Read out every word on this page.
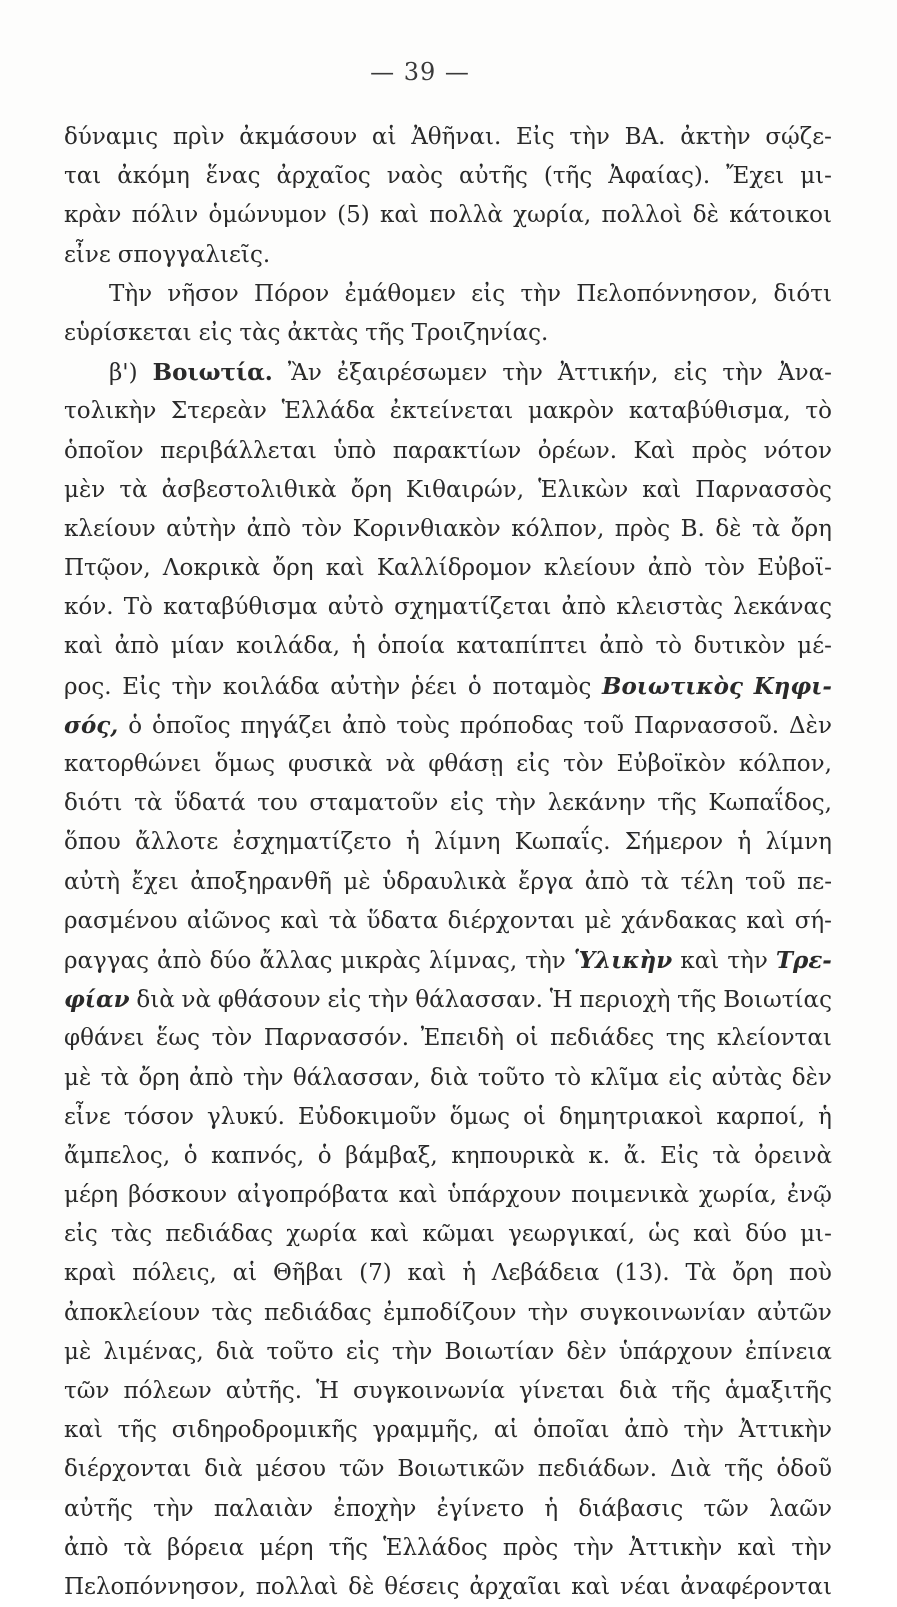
— 39 —
δύναμις πρὶν ἀκμάσουν αἱ Ἀθῆναι. Εἰς τὴν ΒΑ. ἀκτὴν σῴζε-
ται ἀκόμη ἕνας ἀρχαῖος ναὸς αὐτῆς (τῆς Ἀφαίας). Ἔχει μι-
κρὰν πόλιν ὁμώνυμον (5) καὶ πολλὰ χωρία, πολλοὶ δὲ κάτοικοι
εἶνε σπογγαλιεῖς.
Τὴν νῆσον Πόρον ἐμάθομεν εἰς τὴν Πελοπόννησον, διότι
εὑρίσκεται εἰς τὰς ἀκτὰς τῆς Τροιζηνίας.
β') Βοιωτία. Ἂν ἐξαιρέσωμεν τὴν Ἀττικήν, εἰς τὴν Ἀνα-
τολικὴν Στερεὰν Ἑλλάδα ἐκτείνεται μακρὸν καταβύθισμα, τὸ
ὁποῖον περιβάλλεται ὑπὸ παρακτίων ὀρέων. Καὶ πρὸς νότον
μὲν τὰ ἀσβεστολιθικὰ ὄρη Κιθαιρών, Ἑλικὼν καὶ Παρνασσὸς
κλείουν αὐτὴν ἀπὸ τὸν Κορινθιακὸν κόλπον, πρὸς Β. δὲ τὰ ὄρη
Πτῷον, Λοκρικὰ ὄρη καὶ Καλλίδρομον κλείουν ἀπὸ τὸν Εὐβοϊ-
κόν. Τὸ καταβύθισμα αὐτὸ σχηματίζεται ἀπὸ κλειστὰς λεκάνας
καὶ ἀπὸ μίαν κοιλάδα, ἡ ὁποία καταπίπτει ἀπὸ τὸ δυτικὸν μέ-
ρος. Εἰς τὴν κοιλάδα αὐτὴν ῥέει ὁ ποταμὸς Βοιωτικὸς Κηφι-
σός, ὁ ὁποῖος πηγάζει ἀπὸ τοὺς πρόποδας τοῦ Παρνασσοῦ. Δὲν
κατορθώνει ὅμως φυσικὰ νὰ φθάσῃ εἰς τὸν Εὐβοϊκὸν κόλπον,
διότι τὰ ὕδατά του σταματοῦν εἰς τὴν λεκάνην τῆς Κωπαΐδος,
ὅπου ἄλλοτε ἐσχηματίζετο ἡ λίμνη Κωπαΐς. Σήμερον ἡ λίμνη
αὐτὴ ἔχει ἀποξηρανθῆ μὲ ὑδραυλικὰ ἔργα ἀπὸ τὰ τέλη τοῦ πε-
ρασμένου αἰῶνος καὶ τὰ ὕδατα διέρχονται μὲ χάνδακας καὶ σή-
ραγγας ἀπὸ δύο ἄλλας μικρὰς λίμνας, τὴν Ὑλικὴν καὶ τὴν Τρε-
φίαν διὰ νὰ φθάσουν εἰς τὴν θάλασσαν. Ἡ περιοχὴ τῆς Βοιωτίας
φθάνει ἕως τὸν Παρνασσόν. Ἐπειδὴ οἱ πεδιάδες της κλείονται
μὲ τὰ ὄρη ἀπὸ τὴν θάλασσαν, διὰ τοῦτο τὸ κλῖμα εἰς αὐτὰς δὲν
εἶνε τόσον γλυκύ. Εὐδοκιμοῦν ὅμως οἱ δημητριακοὶ καρποί, ἡ
ἄμπελος, ὁ καπνός, ὁ βάμβαξ, κηπουρικὰ κ. ἄ. Εἰς τὰ ὀρεινὰ
μέρη βόσκουν αἰγοπρόβατα καὶ ὑπάρχουν ποιμενικὰ χωρία, ἐνῷ
εἰς τὰς πεδιάδας χωρία καὶ κῶμαι γεωργικαί, ὡς καὶ δύο μι-
κραὶ πόλεις, αἱ Θῆβαι (7) καὶ ἡ Λεβάδεια (13). Τὰ ὄρη ποὺ
ἀποκλείουν τὰς πεδιάδας ἐμποδίζουν τὴν συγκοινωνίαν αὐτῶν
μὲ λιμένας, διὰ τοῦτο εἰς τὴν Βοιωτίαν δὲν ὑπάρχουν ἐπίνεια
τῶν πόλεων αὐτῆς. Ἡ συγκοινωνία γίνεται διὰ τῆς ἁμαξιτῆς
καὶ τῆς σιδηροδρομικῆς γραμμῆς, αἱ ὁποῖαι ἀπὸ τὴν Ἀττικὴν
διέρχονται διὰ μέσου τῶν Βοιωτικῶν πεδιάδων. Διὰ τῆς ὁδοῦ
αὐτῆς τὴν παλαιὰν ἐποχὴν ἐγίνετο ἡ διάβασις τῶν λαῶν
ἀπὸ τὰ βόρεια μέρη τῆς Ἑλλάδος πρὸς τὴν Ἀττικὴν καὶ τὴν
Πελοπόννησον, πολλαὶ δὲ θέσεις ἀρχαῖαι καὶ νέαι ἀναφέρονται
